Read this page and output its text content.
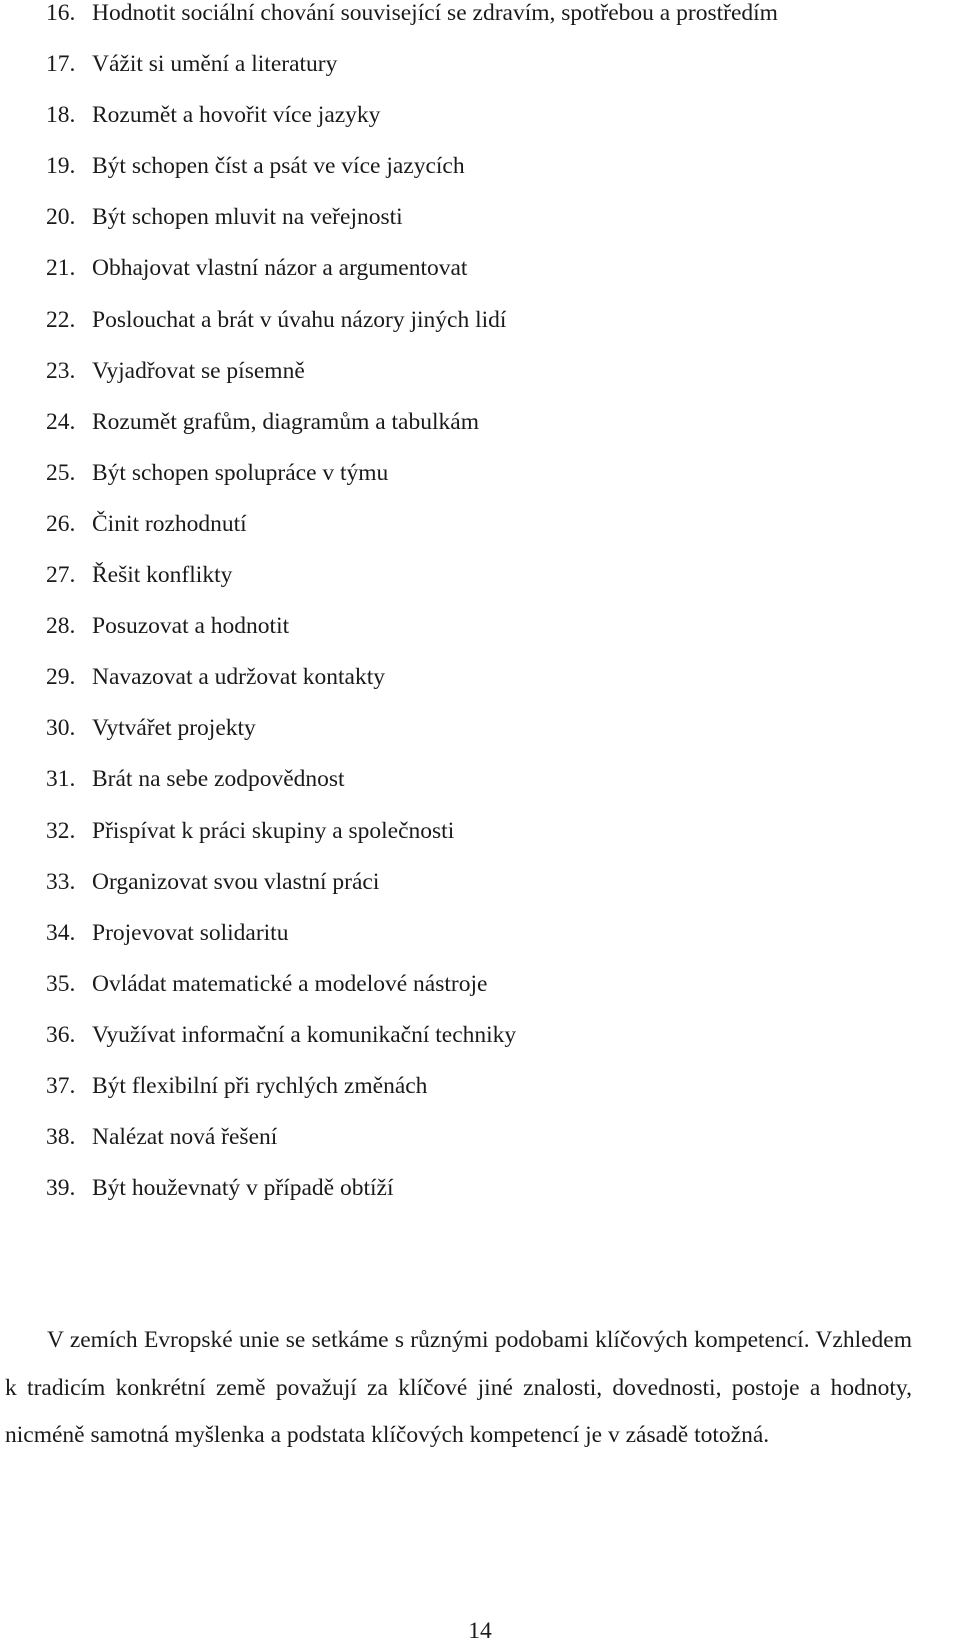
16. Hodnotit sociální chování související se zdravím, spotřebou a prostředím
17. Vážit si umění a literatury
18. Rozumět a hovořit více jazyky
19. Být schopen číst a psát ve více jazycích
20. Být schopen mluvit na veřejnosti
21. Obhajovat vlastní názor a argumentovat
22. Poslouchat a brát v úvahu názory jiných lidí
23. Vyjadřovat se písemně
24. Rozumět grafům, diagramům a tabulkám
25. Být schopen spolupráce v týmu
26. Činit rozhodnutí
27. Řešit konflikty
28. Posuzovat a hodnotit
29. Navazovat a udržovat kontakty
30. Vytvářet projekty
31. Brát na sebe zodpovědnost
32. Přispívat k práci skupiny a společnosti
33. Organizovat svou vlastní práci
34. Projevovat solidaritu
35. Ovládat matematické a modelové nástroje
36. Využívat informační a komunikační techniky
37. Být flexibilní při rychlých změnách
38. Nalézat nová řešení
39. Být houževnatý v případě obtíží

V zemích Evropské unie se setkáme s různými podobami klíčových kompetencí. Vzhledem k tradicím konkrétní země považují za klíčové jiné znalosti, dovednosti, postoje a hodnoty, nicméně samotná myšlenka a podstata klíčových kompetencí je v zásadě totožná.

14
